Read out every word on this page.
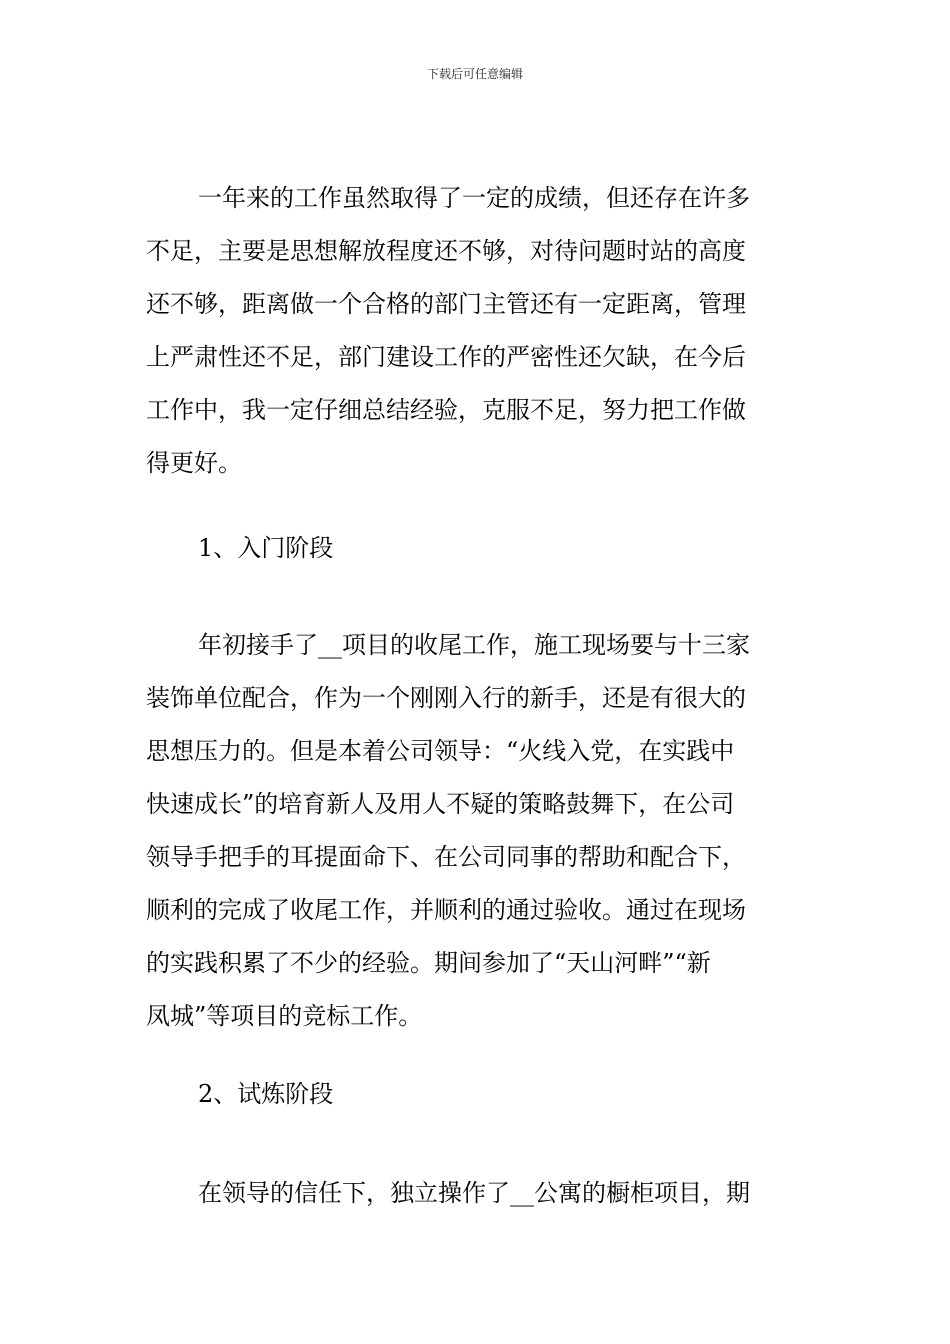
下载后可任意编辑
一年来的工作虽然取得了一定的成绩，但还存在许多
不足，主要是思想解放程度还不够，对待问题时站的高度
还不够，距离做一个合格的部门主管还有一定距离，管理
上严肃性还不足，部门建设工作的严密性还欠缺，在今后
工作中，我一定仔细总结经验，克服不足，努力把工作做
得更好。
1、入门阶段
年初接手了__项目的收尾工作，施工现场要与十三家
装饰单位配合，作为一个刚刚入行的新手，还是有很大的
思想压力的。但是本着公司领导：“火线入党，在实践中
快速成长”的培育新人及用人不疑的策略鼓舞下，在公司
领导手把手的耳提面命下、在公司同事的帮助和配合下，
顺利的完成了收尾工作，并顺利的通过验收。通过在现场
的实践积累了不少的经验。期间参加了“天山河畔”“新
凤城”等项目的竞标工作。
2、试炼阶段
在领导的信任下，独立操作了__公寓的橱柜项目，期
